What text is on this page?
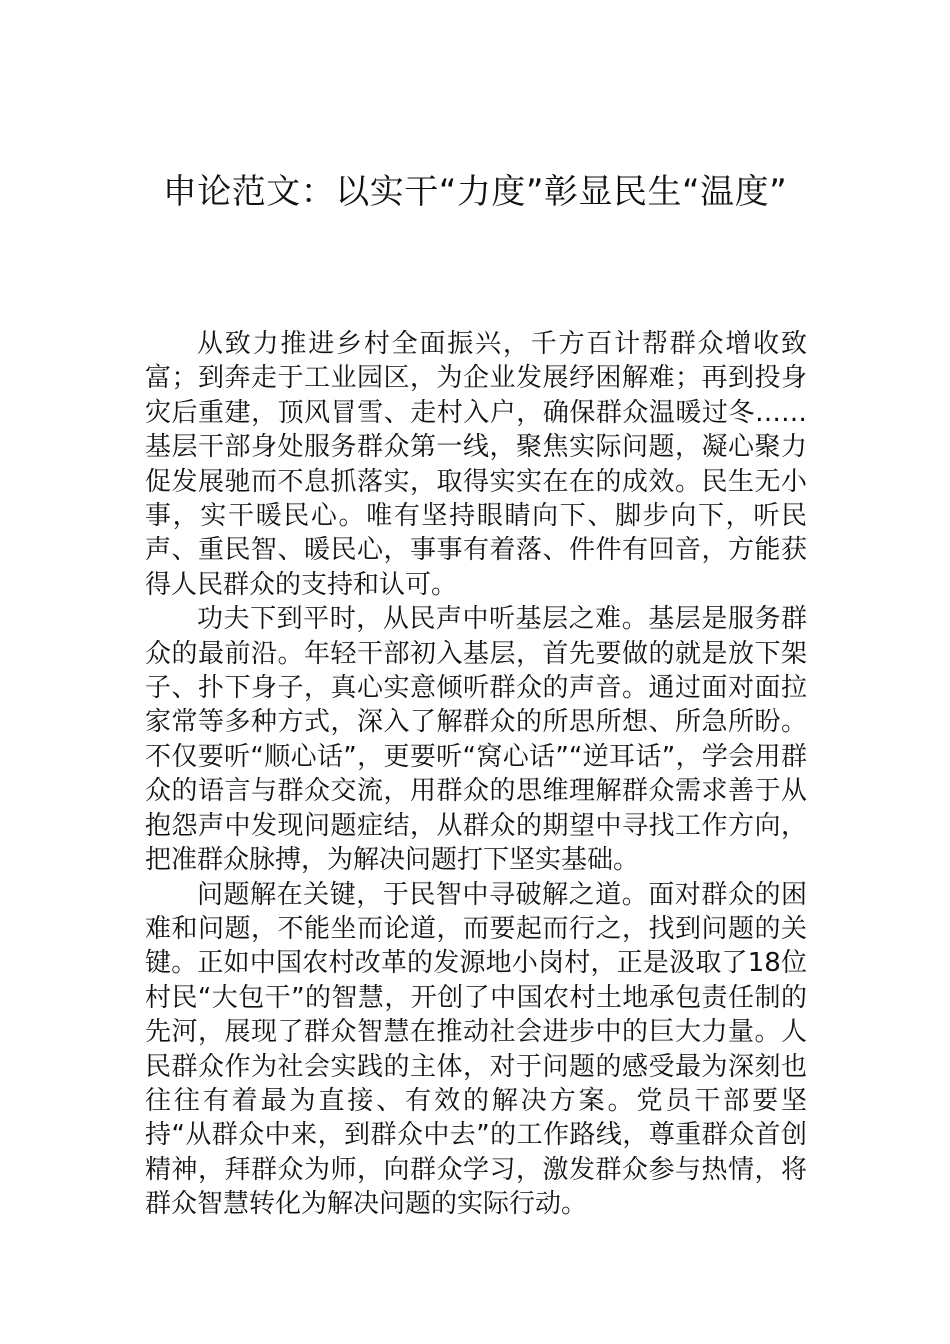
申论范文：以实干“力度”彰显民生“温度”

从致力推进乡村全面振兴，千方百计帮群众增收致富；到奔走于工业园区，为企业发展纾困解难；再到投身灾后重建，顶风冒雪、走村入户，确保群众温暖过冬……基层干部身处服务群众第一线，聚焦实际问题，凝心聚力促发展驰而不息抓落实，取得实实在在的成效。民生无小事，实干暖民心。唯有坚持眼睛向下、脚步向下，听民声、重民智、暖民心，事事有着落、件件有回音，方能获得人民群众的支持和认可。

功夫下到平时，从民声中听基层之难。基层是服务群众的最前沿。年轻干部初入基层，首先要做的就是放下架子、扑下身子，真心实意倾听群众的声音。通过面对面拉家常等多种方式，深入了解群众的所思所想、所急所盼。不仅要听“顺心话”，更要听“窝心话”“逆耳话”，学会用群众的语言与群众交流，用群众的思维理解群众需求善于从抱怨声中发现问题症结，从群众的期望中寻找工作方向，把准群众脉搏，为解决问题打下坚实基础。

问题解在关键，于民智中寻破解之道。面对群众的困难和问题，不能坐而论道，而要起而行之，找到问题的关键。正如中国农村改革的发源地小岗村，正是汲取了18位村民“大包干”的智慧，开创了中国农村土地承包责任制的先河，展现了群众智慧在推动社会进步中的巨大力量。人民群众作为社会实践的主体，对于问题的感受最为深刻也往往有着最为直接、有效的解决方案。党员干部要坚持“从群众中来，到群众中去”的工作路线，尊重群众首创精神，拜群众为师，向群众学习，激发群众参与热情，将群众智慧转化为解决问题的实际行动。
